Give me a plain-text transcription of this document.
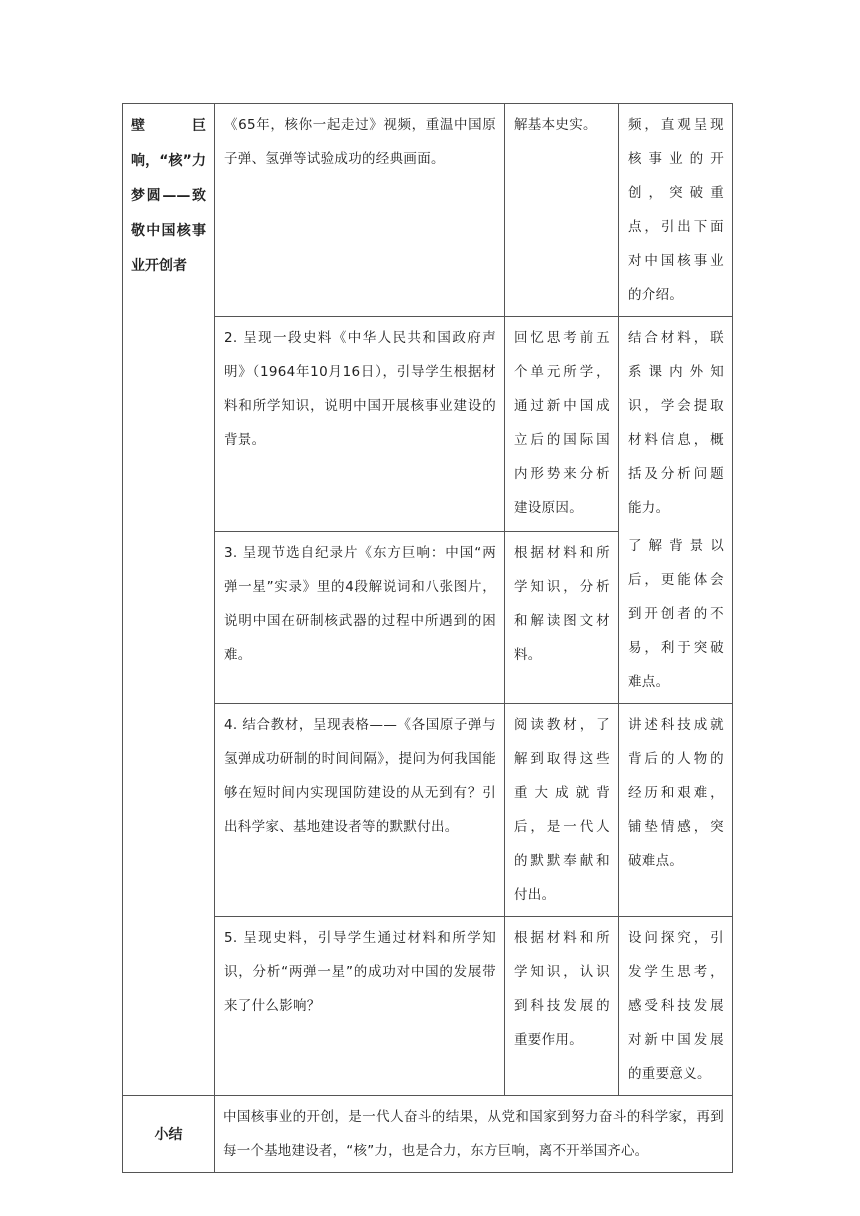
壁巨响，“核”力梦圆——致敬中国核事业开创者	《65年，核你一起走过》视频，重温中国原子弹、氢弹等试验成功的经典画面。	解基本史实。	频，直观呈现核事业的开创，突破重点，引出下面对中国核事业的介绍。

	2. 呈现一段史料《中华人民共和国政府声明》（1964年10月16日），引导学生根据材料和所学知识，说明中国开展核事业建设的背景。	回忆思考前五个单元所学，通过新中国成立后的国际国内形势来分析建设原因。	结合材料，联系课内外知识，学会提取材料信息，概括及分析问题能力。
了解背景以后，更能体会到开创者的不易，利于突破难点。

	3. 呈现节选自纪录片《东方巨响：中国“两弹一星”实录》里的4段解说词和八张图片，说明中国在研制核武器的过程中所遇到的困难。	根据材料和所学知识，分析和解读图文材料。	

	4. 结合教材，呈现表格——《各国原子弹与氢弹成功研制的时间间隔》，提问为何我国能够在短时间内实现国防建设的从无到有？引出科学家、基地建设者等的默默付出。	阅读教材，了解到取得这些重大成就背后，是一代人的默默奉献和付出。	讲述科技成就背后的人物的经历和艰难，铺垫情感，突破难点。

	5. 呈现史料，引导学生通过材料和所学知识，分析“两弹一星”的成功对中国的发展带来了什么影响？	根据材料和所学知识，认识到科技发展的重要作用。	设问探究，引发学生思考，感受科技发展对新中国发展的重要意义。

小结	中国核事业的开创，是一代人奋斗的结果，从党和国家到努力奋斗的科学家，再到每一个基地建设者，“核”力，也是合力，东方巨响，离不开举国齐心。		
